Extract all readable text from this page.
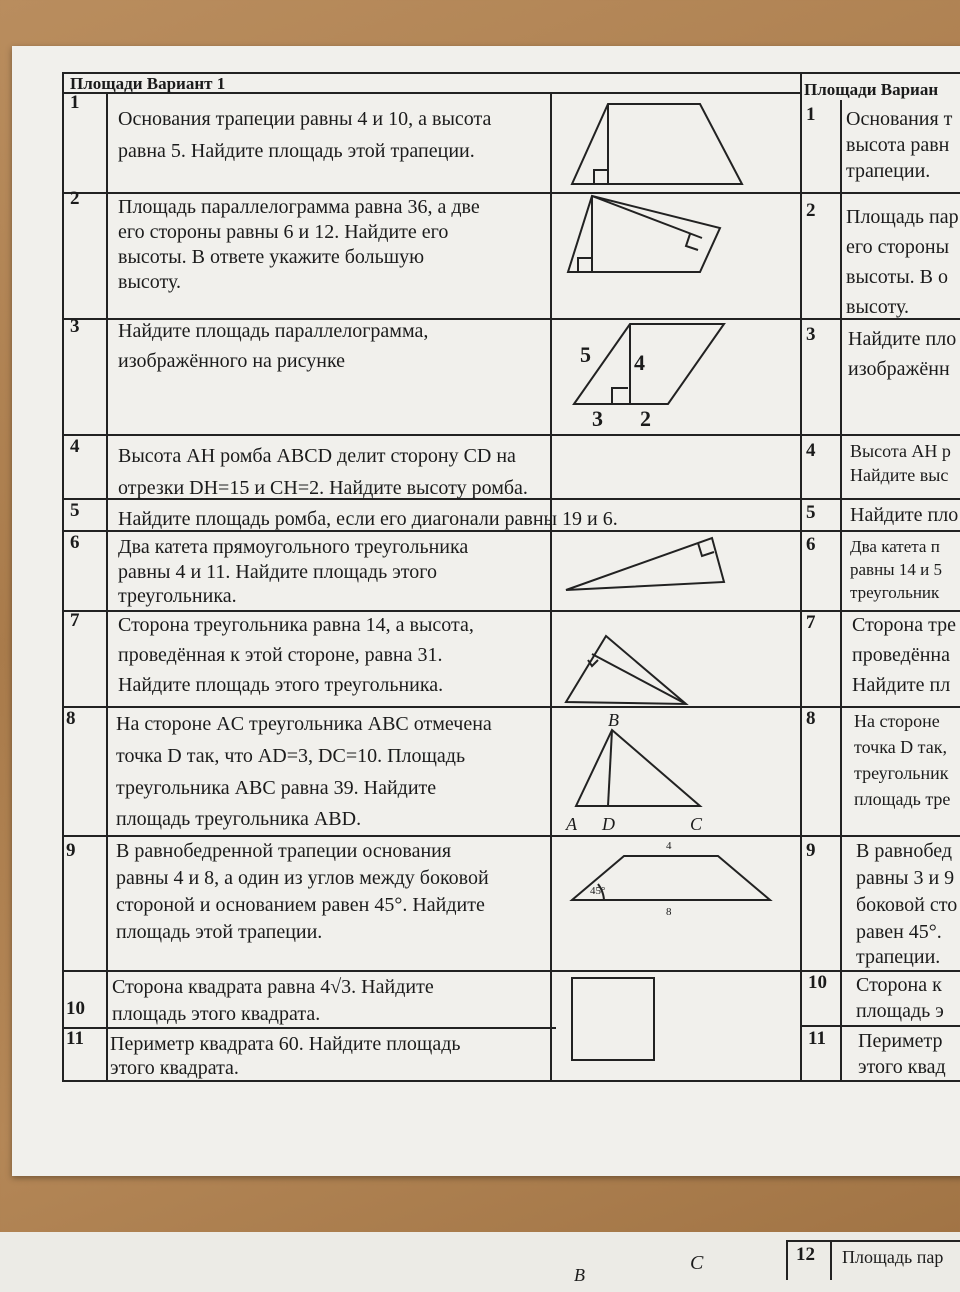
Площади Вариант 1	Площади Вариан
1
Основания трапеции равны 4 и 10, а высота
равна 5. Найдите площадь этой трапеции.
2 Площадь параллелограмма равна 36, а две
его стороны равны 6 и 12. Найдите его
высоты. В ответе укажите большую
высоту.
3 Найдите площадь параллелограмма,
изображённого на рисунке
4 Высота AH ромба ABCD делит сторону CD на
отрезки DH=15 и CH=2. Найдите высоту ромба.
5 Найдите площадь ромба, если его диагонали равны 19 и 6.
6 Два катета прямоугольного треугольника
равны 4 и 11. Найдите площадь этого
треугольника.
7 Сторона треугольника равна 14, а высота,
проведённая к этой стороне, равна 31.
Найдите площадь этого треугольника.
8 На стороне AC треугольника ABC отмечена
точка D так, что AD=3, DC=10. Площадь
треугольника ABC равна 39. Найдите
площадь треугольника ABD.
9 В равнобедренной трапеции основания
равны 4 и 8, а один из углов между боковой
стороной и основанием равен 45°. Найдите
площадь этой трапеции.
10
Сторона квадрата равна 4√3. Найдите
площадь этого квадрата.
11 Периметр квадрата 60. Найдите площадь
этого квадрата.
5 4
3 2
B
A D	C
4
8
45°
1 Основания т
высота равн
трапеции.
2 Площадь пар
его стороны
высоты. В о
высоту.
3 Найдите пло
изображённ
4 Высота AH р
Найдите выс
5 Найдите пло
6 Два катета п
равны 14 и 5
треугольник
7 Сторона тре
проведённа
Найдите пл
8 На стороне
точка D так,
треугольник
площадь тре
9 В равнобед
равны 3 и 9
боковой сто
равен 45°.
трапеции.
10 Сторона к
площадь э
11 Периметр
этого квад
12 Площадь пар
B
C
